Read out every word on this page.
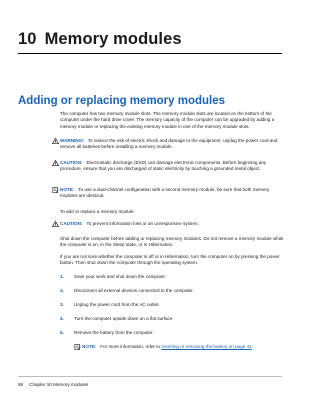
10 Memory modules
Adding or replacing memory modules

The computer has two memory module slots. The memory module slots are located on the bottom of the computer under the hard drive cover. The memory capacity of the computer can be upgraded by adding a memory module or replacing the existing memory module in one of the memory module slots.

WARNING! To reduce the risk of electric shock and damage to the equipment, unplug the power cord and remove all batteries before installing a memory module.
CAUTION: Electrostatic discharge (ESD) can damage electronic components. Before beginning any procedure, ensure that you are discharged of static electricity by touching a grounded metal object.
NOTE: To use a dual-channel configuration with a second memory module, be sure that both memory modules are identical.

To add or replace a memory module:

CAUTION: To prevent information loss or an unresponsive system:

Shut down the computer before adding or replacing memory modules. Do not remove a memory module while the computer is on, in the Sleep state, or in Hibernation.

If you are not sure whether the computer is off or in Hibernation, turn the computer on by pressing the power button. Then shut down the computer through the operating system.

1. Save your work and shut down the computer.
2. Disconnect all external devices connected to the computer.
3. Unplug the power cord from the AC outlet.
4. Turn the computer upside down on a flat surface.
5. Remove the battery from the computer.
NOTE: For more information, refer to Inserting or removing the battery on page 41.
68 Chapter 10 Memory modules
